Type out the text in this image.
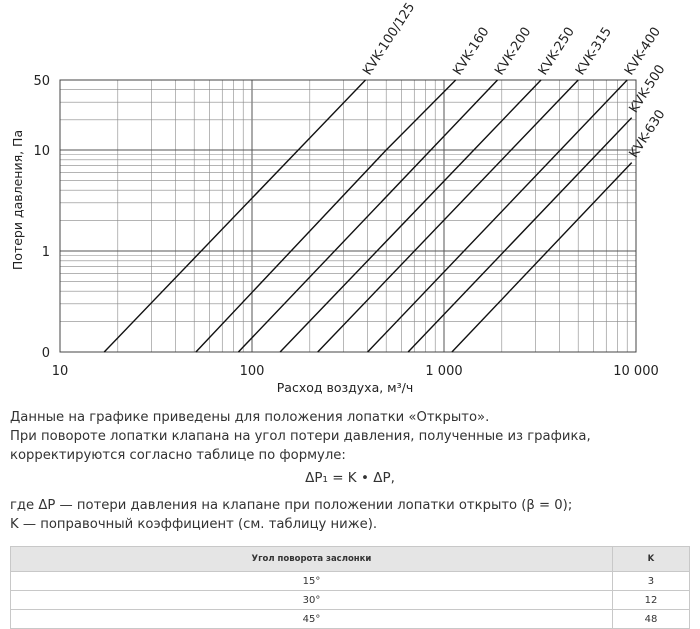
10	100	1 000	10 000
0
1
10
50
KVK-100/125 KVK-160 KVK-200 KVK-250
KVK-315 KVK-400
KVK-500
KVK-630
Расход воздуха, м³/ч
Потери давления, Па

Данные на графике приведены для положения лопатки «Открыто».

При повороте лопатки клапана на угол потери давления, полученные из графика,

корректируются согласно таблице по формуле:

ΔP₁ = K • ΔP,

где ΔP — потери давления на клапане при положении лопатки открыто (β = 0);

K — поправочный коэффициент (см. таблицу ниже).

Угол поворота заслонки	K
15°	3
30°	12
45°	48
